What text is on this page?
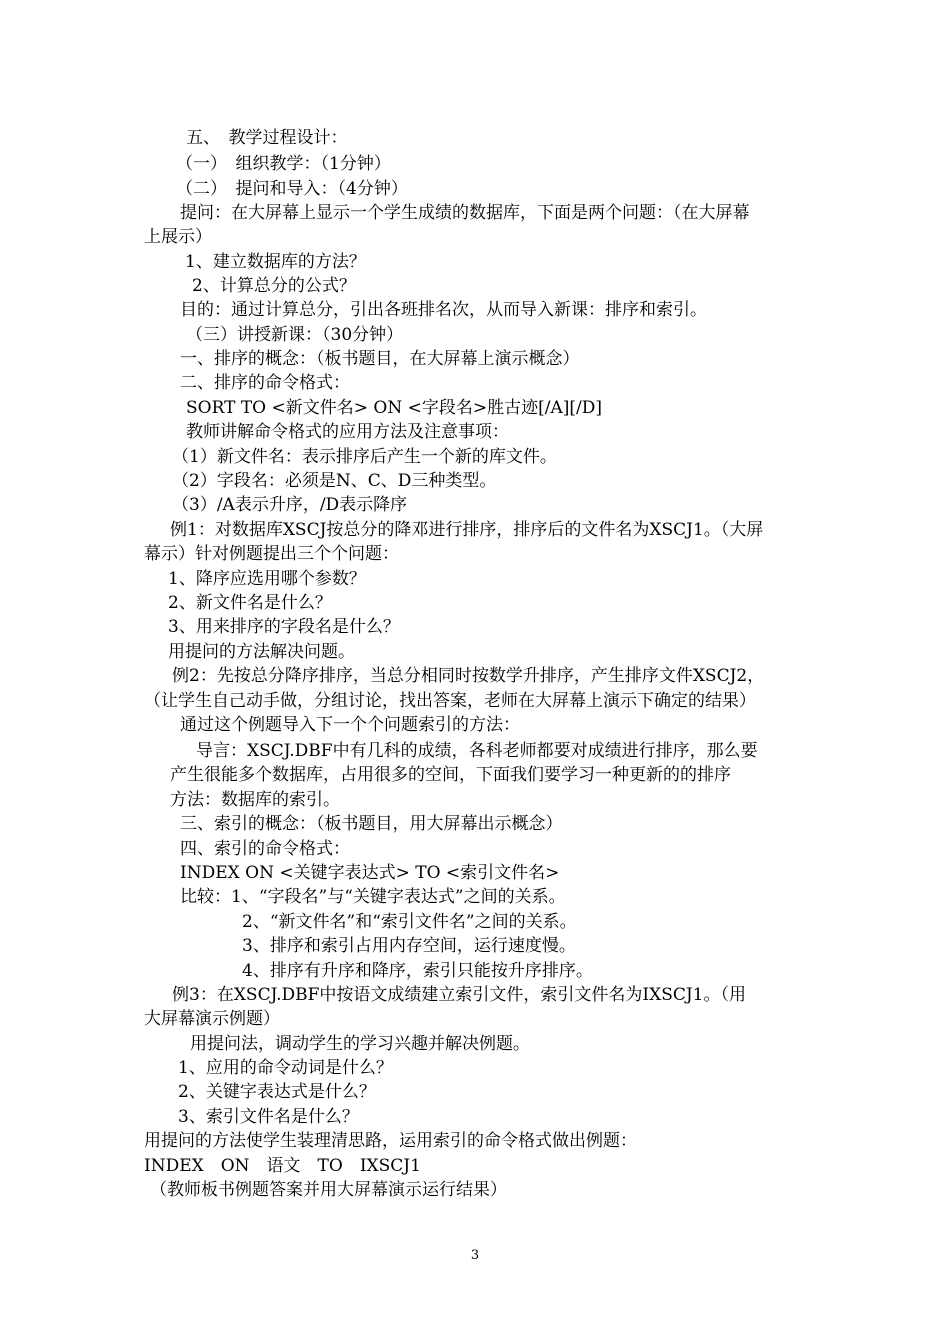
五、　教学过程设计：
（一）　组织教学：（1分钟）
（二）　提问和导入：（4分钟）
提问：在大屏幕上显示一个学生成绩的数据库，下面是两个问题：（在大屏幕
上展示）
1、建立数据库的方法？
2、计算总分的公式？
目的：通过计算总分，引出各班排名次，从而导入新课：排序和索引。
（三）讲授新课：（30分钟）
一、排序的概念：（板书题目，在大屏幕上演示概念）
二、排序的命令格式：
SORT TO <新文件名> ON <字段名>胜古迹[/A][/D]
教师讲解命令格式的应用方法及注意事项：
（1）新文件名：表示排序后产生一个新的库文件。
（2）字段名：必须是N、C、D三种类型。
（3）/A表示升序，/D表示降序
例1：对数据库XSCJ按总分的降邓进行排序，排序后的文件名为XSCJ1。（大屏
幕示）针对例题提出三个个问题：
1、降序应选用哪个参数？
2、新文件名是什么？
3、用来排序的字段名是什么？
用提问的方法解决问题。
例2：先按总分降序排序，当总分相同时按数学升排序，产生排序文件XSCJ2，
（让学生自己动手做，分组讨论，找出答案，老师在大屏幕上演示下确定的结果）
通过这个例题导入下一个个问题索引的方法：
导言：XSCJ.DBF中有几科的成绩，各科老师都要对成绩进行排序，那么要
产生很能多个数据库，占用很多的空间，下面我们要学习一种更新的的排序
方法：数据库的索引。
三、索引的概念：（板书题目，用大屏幕出示概念）
四、索引的命令格式：
INDEX ON <关键字表达式> TO <索引文件名>
比较：1、“字段名”与“关键字表达式”之间的关系。
2、“新文件名”和“索引文件名”之间的关系。
3、排序和索引占用内存空间，运行速度慢。
4、排序有升序和降序，索引只能按升序排序。
例3：在XSCJ.DBF中按语文成绩建立索引文件，索引文件名为IXSCJ1。（用
大屏幕演示例题）
用提问法，调动学生的学习兴趣并解决例题。
1、应用的命令动词是什么？
2、关键字表达式是什么？
3、索引文件名是什么？
用提问的方法使学生装理清思路，运用索引的命令格式做出例题：
INDEX　ON　语文　TO　IXSCJ1
（教师板书例题答案并用大屏幕演示运行结果）
3
